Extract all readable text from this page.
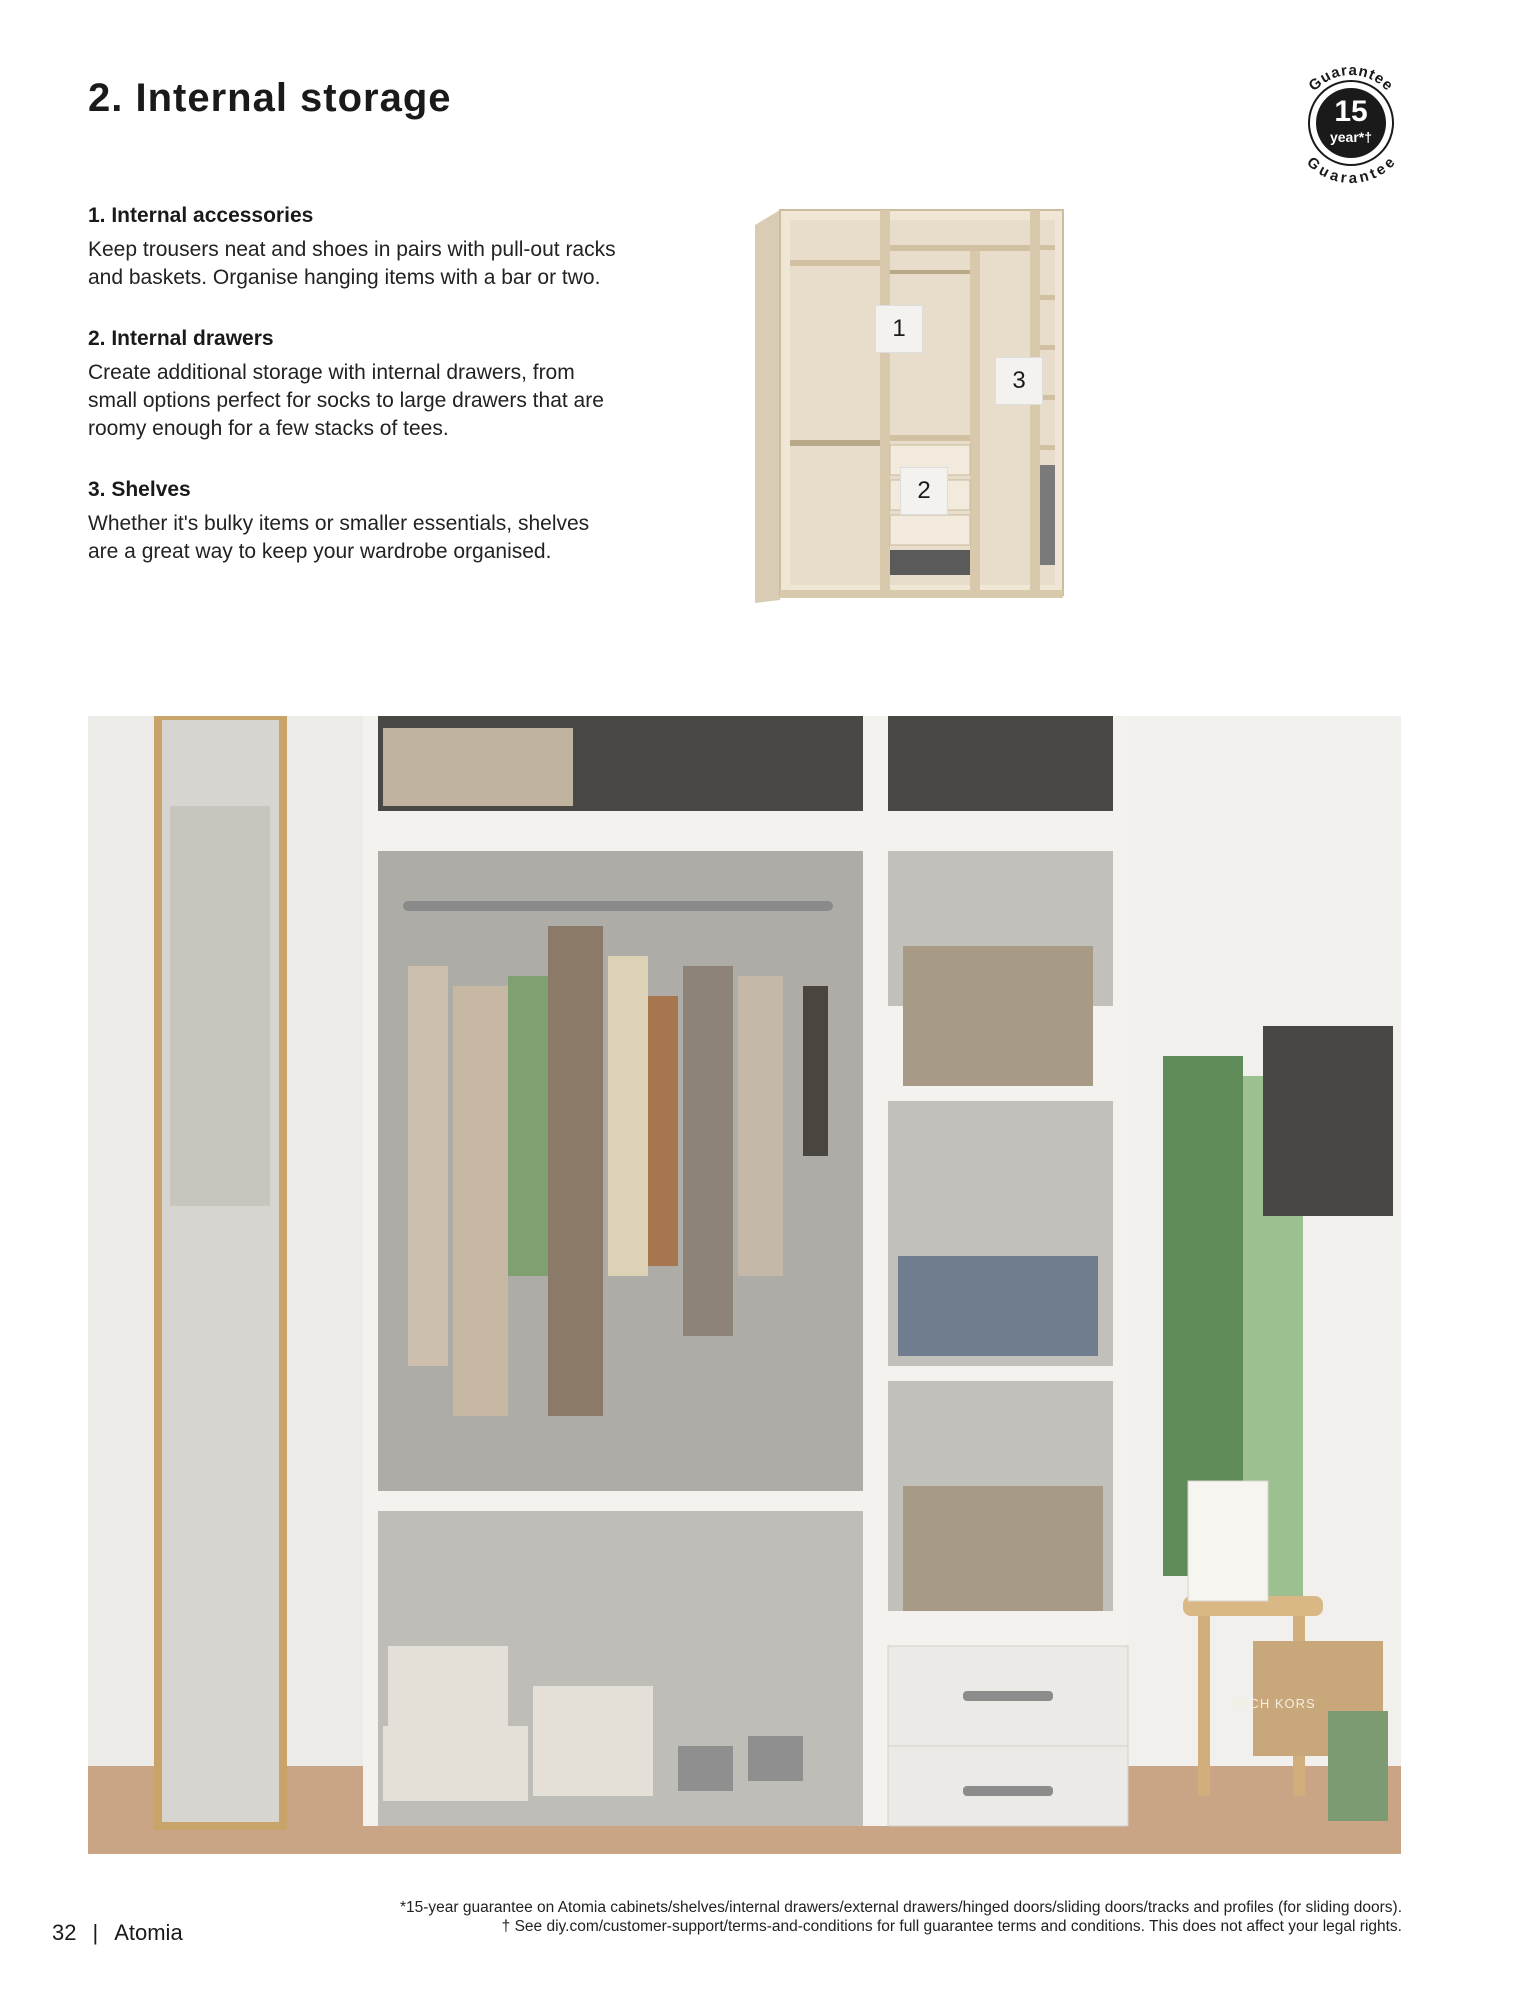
2. Internal storage	Guarantee
Guarantee
15
year*†
1. Internal accessories

Keep trousers neat and shoes in pairs with pull-out racks

and baskets. Organise hanging items with a bar or two.

2. Internal drawers

Create additional storage with internal drawers, from

small options perfect for socks to large drawers that are

roomy enough for a few stacks of tees.

3. Shelves

Whether it's bulky items or smaller essentials, shelves

are a great way to keep your wardrobe organised.

1
2
3
MICH KORS
*15-year guarantee on Atomia cabinets/shelves/internal drawers/external drawers/hinged doors/sliding doors/tracks and profiles (for sliding doors).
† See diy.com/customer-support/terms-and-conditions for full guarantee terms and conditions. This does not affect your legal rights.
32 | Atomia
